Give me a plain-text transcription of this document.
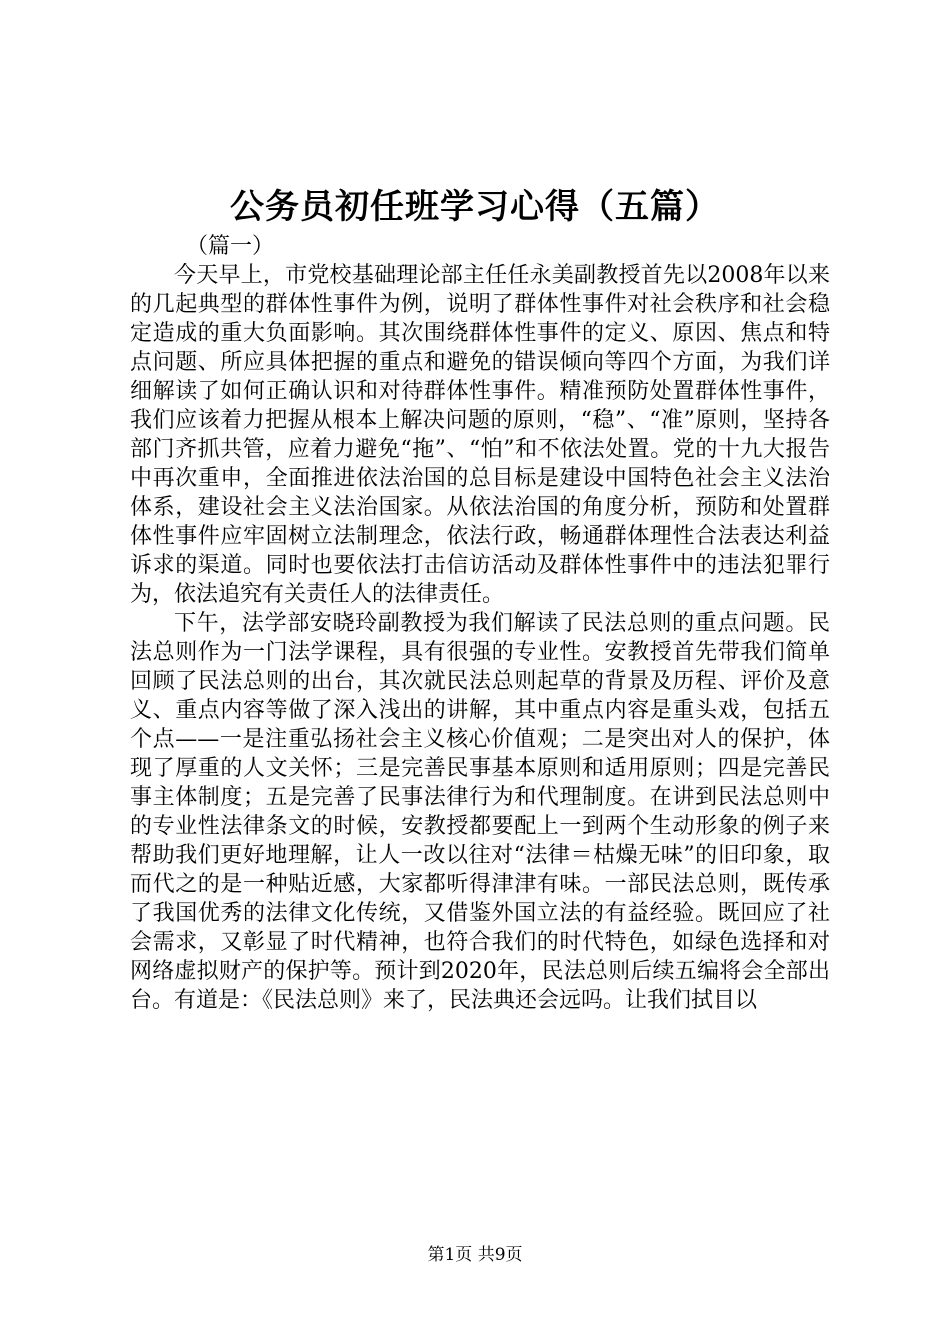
公务员初任班学习心得（五篇）

（篇一）

今天早上，市党校基础理论部主任任永美副教授首先以2008年以来的几起典型的群体性事件为例，说明了群体性事件对社会秩序和社会稳定造成的重大负面影响。其次围绕群体性事件的定义、原因、焦点和特点问题、所应具体把握的重点和避免的错误倾向等四个方面，为我们详细解读了如何正确认识和对待群体性事件。精准预防处置群体性事件，我们应该着力把握从根本上解决问题的原则，“稳”、“准”原则，坚持各部门齐抓共管，应着力避免“拖”、“怕”和不依法处置。党的十九大报告中再次重申，全面推进依法治国的总目标是建设中国特色社会主义法治体系，建设社会主义法治国家。从依法治国的角度分析，预防和处置群体性事件应牢固树立法制理念，依法行政，畅通群体理性合法表达利益诉求的渠道。同时也要依法打击信访活动及群体性事件中的违法犯罪行为，依法追究有关责任人的法律责任。

下午，法学部安晓玲副教授为我们解读了民法总则的重点问题。民法总则作为一门法学课程，具有很强的专业性。安教授首先带我们简单回顾了民法总则的出台，其次就民法总则起草的背景及历程、评价及意义、重点内容等做了深入浅出的讲解，其中重点内容是重头戏，包括五个点——一是注重弘扬社会主义核心价值观；二是突出对人的保护，体现了厚重的人文关怀；三是完善民事基本原则和适用原则；四是完善民事主体制度；五是完善了民事法律行为和代理制度。在讲到民法总则中的专业性法律条文的时候，安教授都要配上一到两个生动形象的例子来帮助我们更好地理解，让人一改以往对“法律＝枯燥无味”的旧印象，取而代之的是一种贴近感，大家都听得津津有味。一部民法总则，既传承了我国优秀的法律文化传统，又借鉴外国立法的有益经验。既回应了社会需求，又彰显了时代精神，也符合我们的时代特色，如绿色选择和对网络虚拟财产的保护等。预计到2020年，民法总则后续五编将会全部出台。有道是：《民法总则》来了，民法典还会远吗。让我们拭目以

第1页 共9页
